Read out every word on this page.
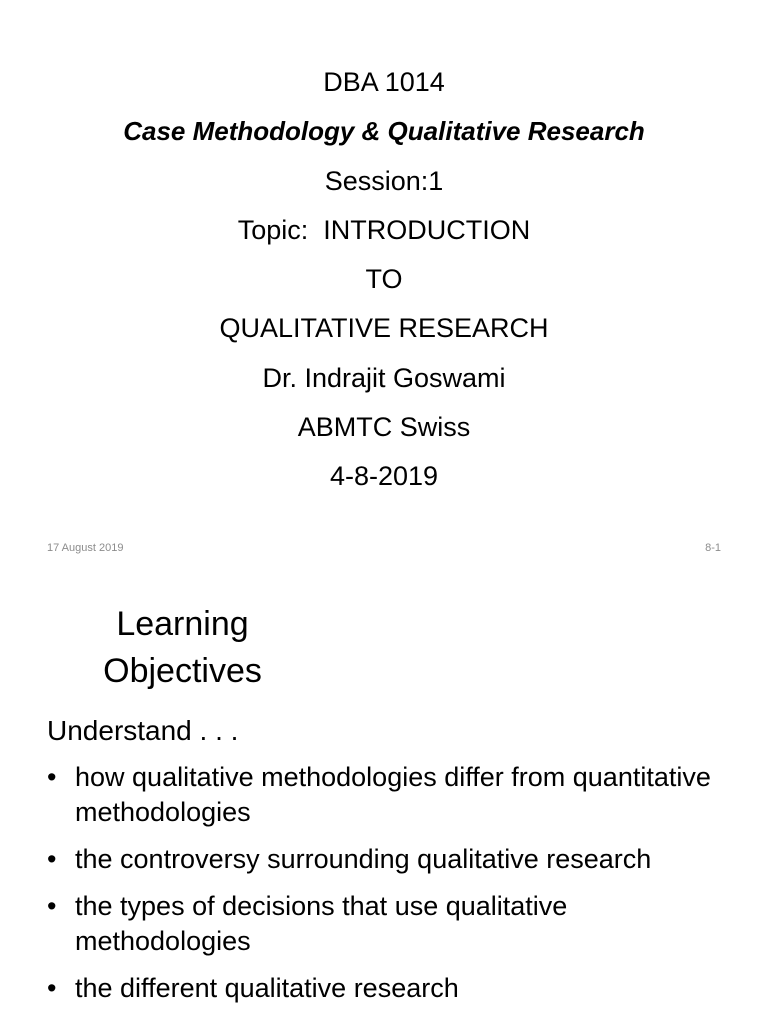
DBA 1014
Case Methodology & Qualitative Research
Session:1
Topic:  INTRODUCTION
TO
QUALITATIVE RESEARCH
Dr. Indrajit Goswami
ABMTC Swiss
4-8-2019
17 August 2019	8-1
Learning
Objectives
Understand . . .
• how qualitative methodologies differ from quantitative methodologies
• the controversy surrounding qualitative research
• the types of decisions that use qualitative methodologies
• the different qualitative research
